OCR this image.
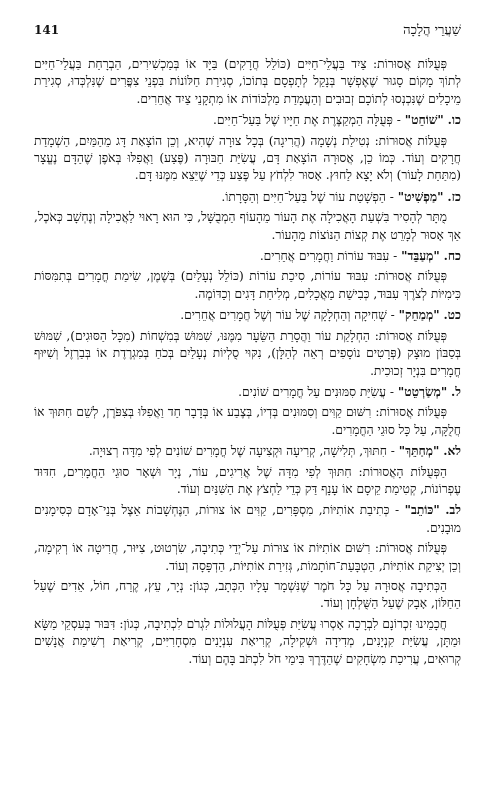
141	שַׁעֲרֵי הֲלָכָה

פְּעֻלּוֹת אֲסוּרוֹת: צַיִד בַּעֲלֵי־חַיִּים (כּוֹלֵל חֲרָקִים) בַּיָּד אוֹ בְּמַכְשִׁירִים, הַבְרָחַת בַּעֲלֵי־חַיִּים לְתוֹךְ מָקוֹם סָגוּר שֶׁאֶפְשָׁר בְּנָקֵל לְתָפְסָם בְּתוֹכוֹ, סְגִירַת חַלּוֹנוֹת בִּפְנֵי צִפֳּרִים שֶׁנִּלְכְּדוּ, סְגִירַת מֵיכָלִים שֶׁנִּכְנְסוּ לְתוֹכָם זְבוּבִים וְהַעֲמָדַת מַלְכּוֹדוֹת אוֹ מִתְקָנֵי צַיִד אֲחֵרִים.

כו. "שׁוֹחֵט" - פְּעֻלָּה הַמְקַצֶּרֶת אֶת חַיָּיו שֶׁל בַּעַל־חַיִּים.

פְּעֻלּוֹת אֲסוּרוֹת: נְטִילַת נְשָׁמָה (הֲרִיגָה) בְּכָל צוּרָה שֶׁהִיא, וְכֵן הוֹצָאַת דָּג מֵהַמַּיִם, הַשְׁמָדַת חֲרָקִים וְעוֹד. כְּמוֹ כֵן, אֲסוּרָה הוֹצָאַת דָּם, עֲשִׂיַּת חַבּוּרָה (פֶּצַע) וַאֲפִלּוּ בְּאֹפֶן שֶׁהַדָּם נֶעֱצָר (מִתַּחַת לָעוֹר) וְלֹא יָצָא לַחוּץ. אָסוּר לִלְחֹץ עַל פֶּצַע כְּדֵי שֶׁיֵּצֵא מִמֶּנּוּ דָּם.

כז. "מַפְשִׁיט" - הַפְשָׁטַת עוֹר שֶׁל בַּעַל־חַיִּים וְהַסָּרָתוֹ.

מֻתָּר לְהָסִיר בִּשְׁעַת הָאֲכִילָה אֶת הָעוֹר מֵהָעוֹף הַמְבֻשָּׁל, כִּי הוּא רָאוּי לַאֲכִילָה וְנֶחְשָׁב כְּאֹכֶל, אַךְ אָסוּר לְמָרֵט אֶת קְצוֹת הַנּוֹצוֹת מֵהָעוֹר.

כח. "מְעַבֵּד" - עִבּוּד עוֹרוֹת וַחֲמָרִים אֲחֵרִים.

פְּעֻלּוֹת אֲסוּרוֹת: עִבּוּד עוֹרוֹת, סִיכַת עוֹרוֹת (כּוֹלֵל נְעָלַיִם) בְּשֶׁמֶן, שִׂימַת חֳמָרִים בְּתִמִּסּוֹת כִּימִיּוֹת לְצֹרֶךְ עִבּוּד, כְּבִישַׁת מַאֲכָלִים, מְלִיחַת דָּגִים וְכַדּוֹמֶה.

כט. "מְמַחֵק" - שְׁחִיקָה וְהַחְלָקָה שֶׁל עוֹר וְשֶׁל חֲמָרִים אֲחֵרִים.

פְּעֻלּוֹת אֲסוּרוֹת: הַחְלָקַת עוֹר וַהֲסָרַת הַשֵּׂעָר מִמֶּנּוּ, שִׁמּוּשׁ בְּמִשְׁחוֹת (מִכָּל הַסּוּגִים), שִׁמּוּשׁ בְּסַבּוֹן מוּצָק (פְּרָטִים נוֹסָפִים רְאֵה לְהַלָּן), נִקּוּי סֻלְיוֹת נְעָלַיִם בְּכֹחַ בְּמִגְרֶדֶת אוֹ בְּבַרְזֶל וְשִׁיּוּף חֳמָרִים בִּנְיָר זְכוּכִית.

ל. "מְשַׂרְטֵט" - עֲשִׂיַּת סִמּוּנִים עַל חֳמָרִים שׁוֹנִים.

פְּעֻלּוֹת אֲסוּרוֹת: רִשּׁוּם קַוִּים וְסִמּוּנִים בְּדְיוֹ, בְּצֶבַע אוֹ בְּדָבָר חַד וַאֲפִלּוּ בְּצִפֹּרֶן, לְשֵׁם חִתּוּךְ אוֹ חֲלֻקָּה, עַל כָּל סוּגֵי הַחֳמָרִים.

לא. "מְחַתֵּךְ" - חִתּוּךְ, תְּלִישָׁה, קְרִיעָה וּקְצִיעָה שֶׁל חֳמָרִים שׁוֹנִים לְפִי מִדָּה רְצוּיָה.

הַפְּעֻלּוֹת הָאֲסוּרוֹת: חִתּוּךְ לְפִי מִדָּה שֶׁל אֲרִיגִים, עוֹר, נְיָר וּשְׁאָר סוּגֵי הַחֳמָרִים, חִדּוּד עֶפְרוֹנוֹת, קְטִימַת קֵיסָם אוֹ עָנָף דַּק כְּדֵי לַחְצֹץ אֶת הַשִּׁנַּיִם וְעוֹד.

לב. "כּוֹתֵב" - כְּתִיבַת אוֹתִיּוֹת, מִסְפָּרִים, קַוִּים אוֹ צוּרוֹת, הַנֶּחְשָׁבוֹת אֵצֶל בְּנֵי־אָדָם כְּסִימָנִים מוּבָנִים.

פְּעֻלּוֹת אֲסוּרוֹת: רִשּׁוּם אוֹתִיּוֹת אוֹ צוּרוֹת עַל־יְדֵי כְּתִיבָה, שִׂרְטוּט, צִיּוּר, חֲרִיטָה אוֹ רְקִימָה, וְכֵן יְצִיקַת אוֹתִיּוֹת, הַטְבָּעַת־חוֹתָמוֹת, גְּזִירַת אוֹתִיּוֹת, הַדְפָּסָה וְעוֹד.

הַכְּתִיבָה אֲסוּרָה עַל כָּל חֹמֶר שֶׁנִּשְׁמָר עָלָיו הַכְּתָב, כְּגוֹן: נְיָר, עֵץ, קֶרַח, חוֹל, אֵדִים שֶׁעַל הַחַלּוֹן, אָבָק שֶׁעַל הַשֻּׁלְחָן וְעוֹד.

חֲכָמֵינוּ זִכְרוֹנָם לִבְרָכָה אָסְרוּ עֲשִׂיַּת פְּעֻלּוֹת הָעֲלוּלוֹת לִגְרֹם לִכְתִיבָה, כְּגוֹן: דִּבּוּר בְּעִסְקֵי מַשָּׂא וּמַתָּן, עֲשִׂיַּת קִנְיָנִים, מְדִידָה וּשְׁקִילָה, קְרִיאַת עִנְיָנִים מִסְחָרִיִּים, קְרִיאַת רְשִׁימַת אֲנָשִׁים קְרוּאִים, עֲרִיכַת מִשְׂחָקִים שֶׁהַדֶּרֶךְ בִּימֵי חֹל לִכְתֹּב בָּהֶם וְעוֹד.
